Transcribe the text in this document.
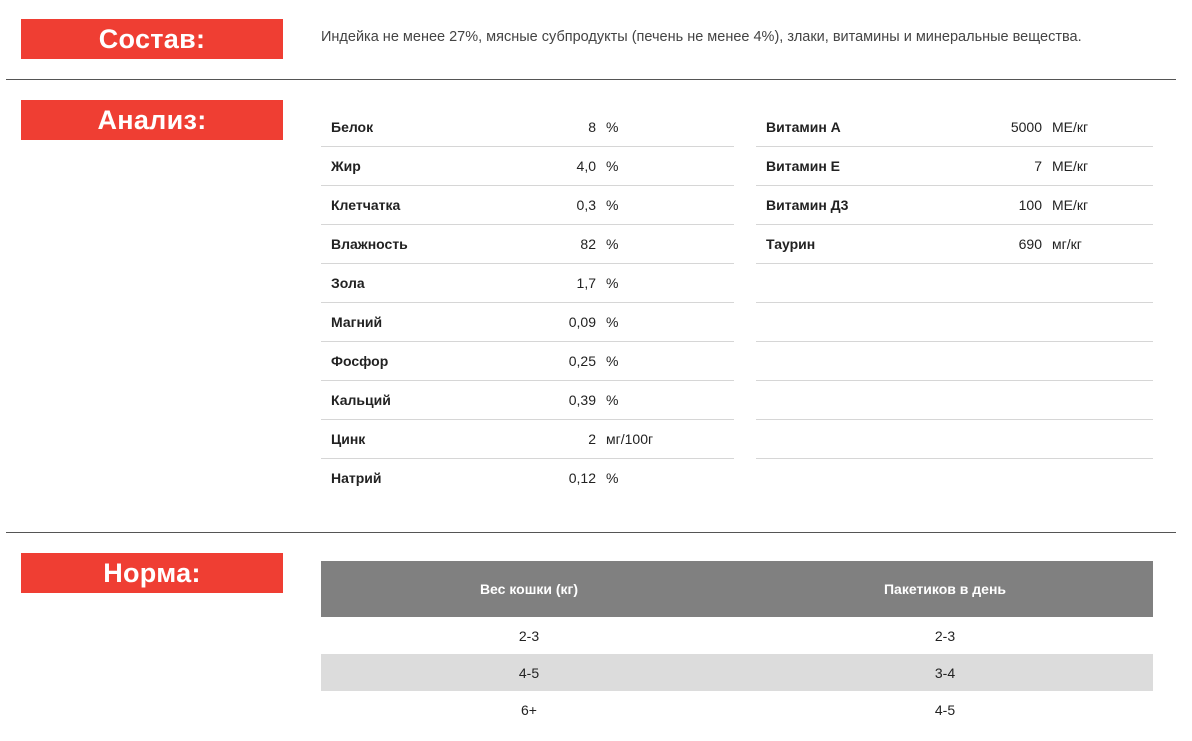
Состав:	Индейка не менее 27%, мясные субпродукты (печень не менее 4%), злаки, витамины и минеральные вещества.
Анализ:	Белок	8 %
Жир	4,0 %
Клетчатка	0,3 %
Влажность	82 %
Зола	1,7 %
Магний	0,09 %
Фосфор	0,25 %
Кальций	0,39 %
Цинк	2 мг/100г
Натрий	0,12 %
Витамин А	5000 МЕ/кг
Витамин Е	7 МЕ/кг
Витамин Д3	100 МЕ/кг
Таурин	690 мг/кг
Норма:
Вес кошки (кг)	Пакетиков в день
2-3	2-3
4-5	3-4
6+	4-5
